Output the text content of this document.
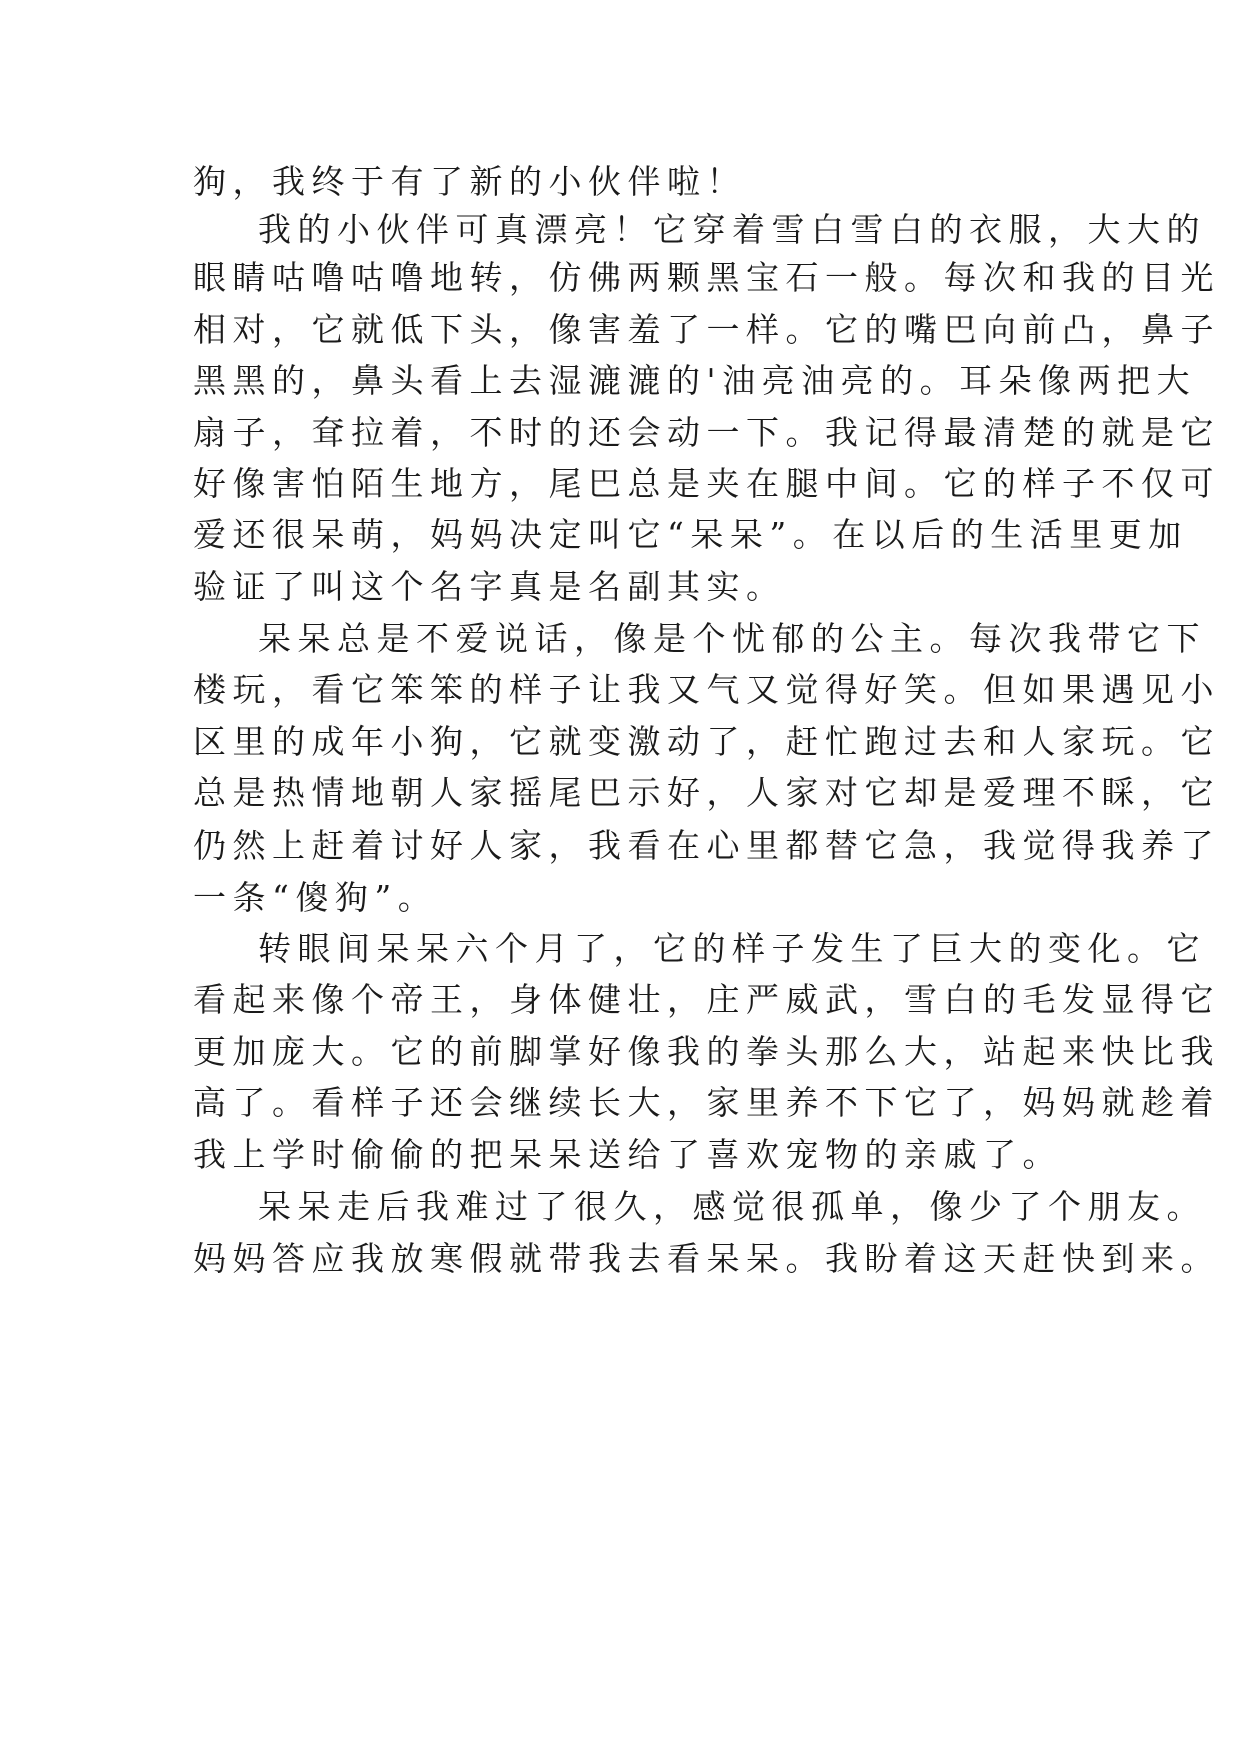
狗，我终于有了新的小伙伴啦！
我的小伙伴可真漂亮！它穿着雪白雪白的衣服，大大的
眼睛咕噜咕噜地转，仿佛两颗黑宝石一般。每次和我的目光
相对，它就低下头，像害羞了一样。它的嘴巴向前凸，鼻子
黑黑的，鼻头看上去湿漉漉的'油亮油亮的。耳朵像两把大
扇子，耷拉着，不时的还会动一下。我记得最清楚的就是它
好像害怕陌生地方，尾巴总是夹在腿中间。它的样子不仅可
爱还很呆萌，妈妈决定叫它“呆呆”。在以后的生活里更加
验证了叫这个名字真是名副其实。
呆呆总是不爱说话，像是个忧郁的公主。每次我带它下
楼玩，看它笨笨的样子让我又气又觉得好笑。但如果遇见小
区里的成年小狗，它就变激动了，赶忙跑过去和人家玩。它
总是热情地朝人家摇尾巴示好，人家对它却是爱理不睬，它
仍然上赶着讨好人家，我看在心里都替它急，我觉得我养了
一条“傻狗”。
转眼间呆呆六个月了，它的样子发生了巨大的变化。它
看起来像个帝王，身体健壮，庄严威武，雪白的毛发显得它
更加庞大。它的前脚掌好像我的拳头那么大，站起来快比我
高了。看样子还会继续长大，家里养不下它了，妈妈就趁着
我上学时偷偷的把呆呆送给了喜欢宠物的亲戚了。
呆呆走后我难过了很久，感觉很孤单，像少了个朋友。
妈妈答应我放寒假就带我去看呆呆。我盼着这天赶快到来。
